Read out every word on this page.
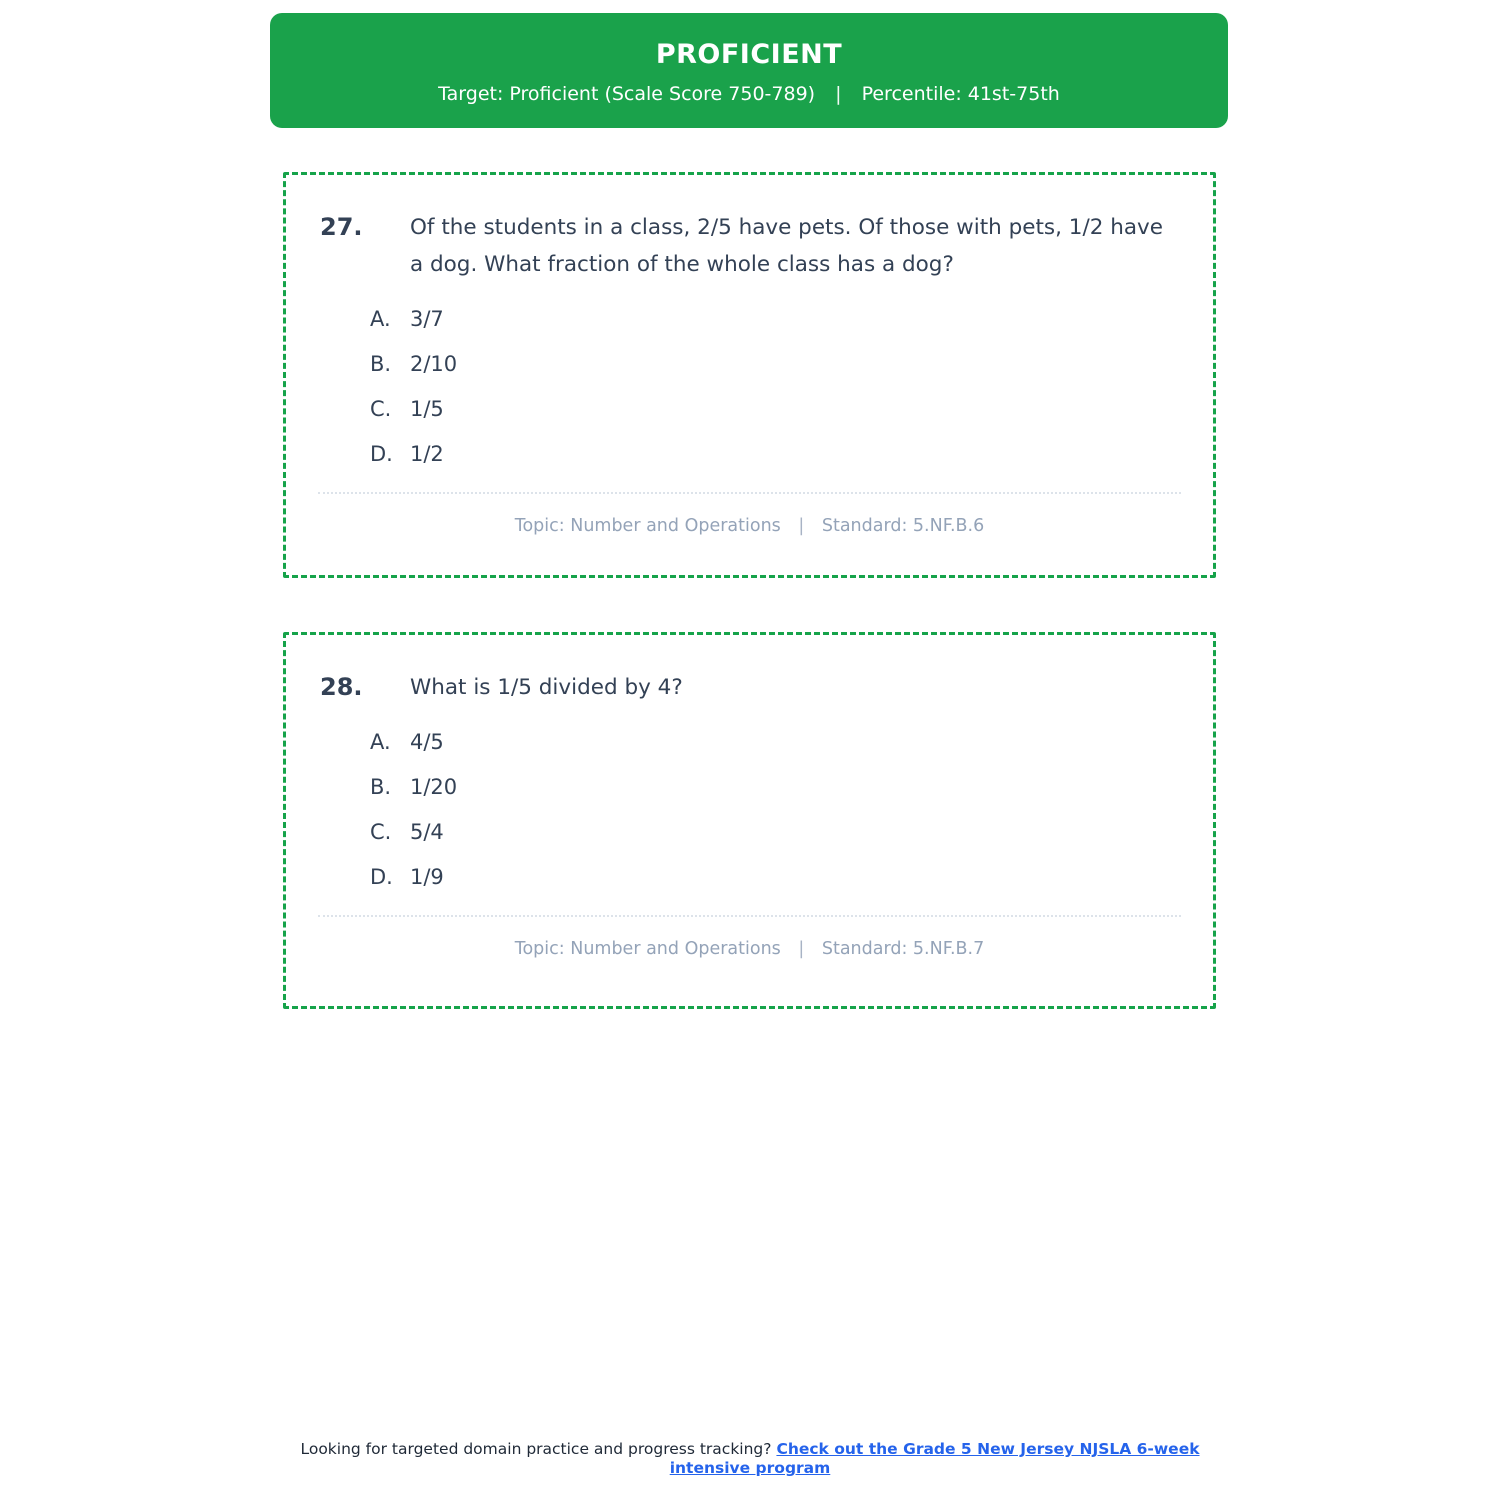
PROFICIENT
Target: Proficient (Scale Score 750-789) | Percentile: 41st-75th
27.	Of the students in a class, 2/5 have pets. Of those with pets, 1/2 have a dog. What fraction of the whole class has a dog?
A. 3/7
B. 2/10
C. 1/5
D. 1/2
Topic: Number and Operations | Standard: 5.NF.B.6
28.	What is 1/5 divided by 4?
A. 4/5
B. 1/20
C. 5/4
D. 1/9
Topic: Number and Operations | Standard: 5.NF.B.7
Looking for targeted domain practice and progress tracking? Check out the Grade 5 New Jersey NJSLA 6-week intensive program
